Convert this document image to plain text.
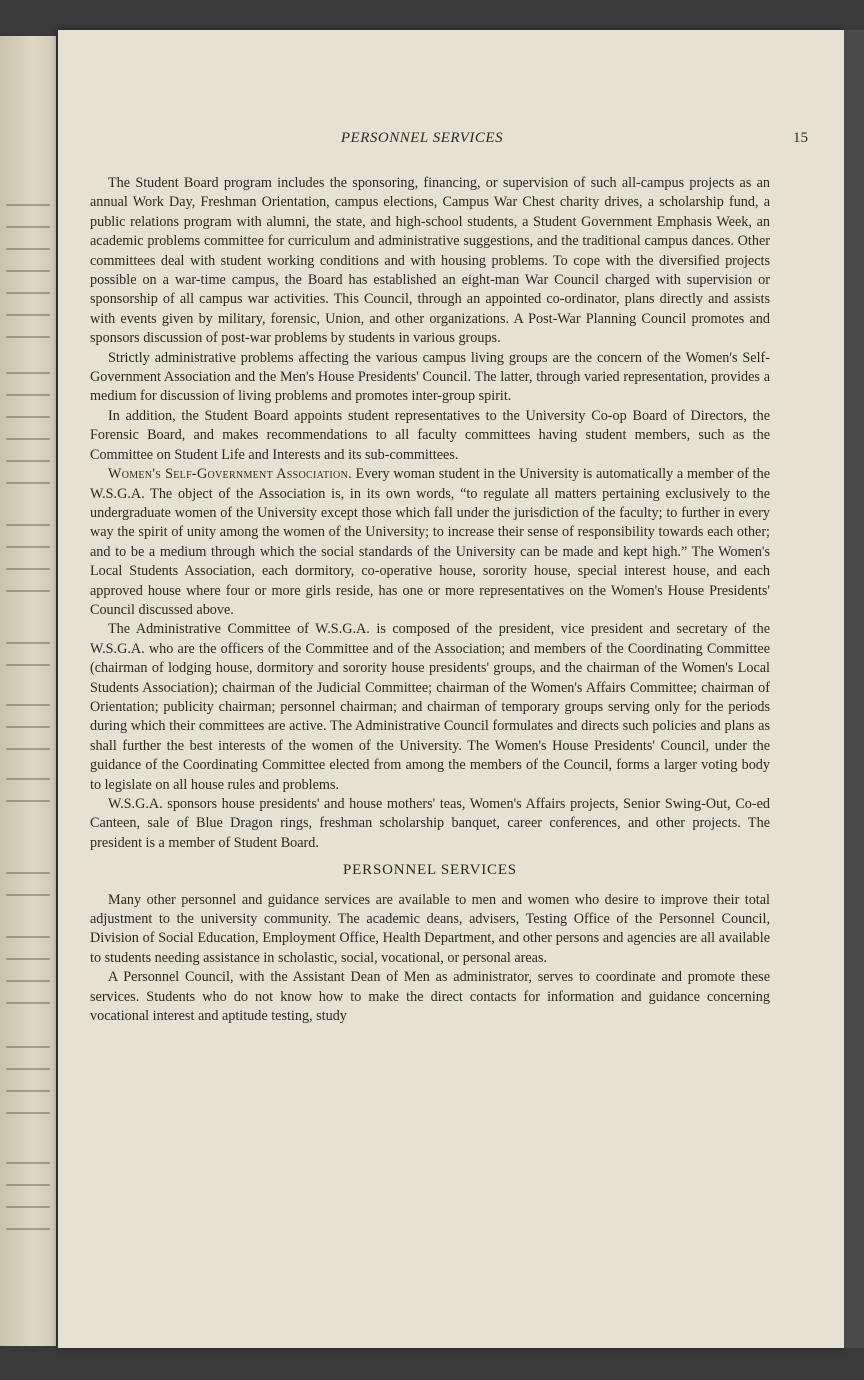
PERSONNEL SERVICES	15

The Student Board program includes the sponsoring, financing, or supervision of such all-campus projects as an annual Work Day, Freshman Orientation, campus elections, Campus War Chest charity drives, a scholarship fund, a public relations program with alumni, the state, and high-school students, a Student Government Emphasis Week, an academic problems committee for curriculum and administrative suggestions, and the traditional campus dances. Other committees deal with student working conditions and with housing problems. To cope with the diversified projects possible on a war-time campus, the Board has established an eight-man War Council charged with supervision or sponsorship of all campus war activities. This Council, through an appointed co-ordinator, plans directly and assists with events given by military, forensic, Union, and other organizations. A Post-War Planning Council promotes and sponsors discussion of post-war problems by students in various groups.

Strictly administrative problems affecting the various campus living groups are the concern of the Women's Self-Government Association and the Men's House Presidents' Council. The latter, through varied representation, provides a medium for discussion of living problems and promotes inter-group spirit.

In addition, the Student Board appoints student representatives to the University Co-op Board of Directors, the Forensic Board, and makes recommendations to all faculty committees having student members, such as the Committee on Student Life and Interests and its sub-committees.

Women's Self-Government Association. Every woman student in the University is automatically a member of the W.S.G.A. The object of the Association is, in its own words, “to regulate all matters pertaining exclusively to the undergraduate women of the University except those which fall under the jurisdiction of the faculty; to further in every way the spirit of unity among the women of the University; to increase their sense of responsibility towards each other; and to be a medium through which the social standards of the University can be made and kept high.” The Women's Local Students Association, each dormitory, co-operative house, sorority house, special interest house, and each approved house where four or more girls reside, has one or more representatives on the Women's House Presidents' Council discussed above.

The Administrative Committee of W.S.G.A. is composed of the president, vice president and secretary of the W.S.G.A. who are the officers of the Committee and of the Association; and members of the Coordinating Committee (chairman of lodging house, dormitory and sorority house presidents' groups, and the chairman of the Women's Local Students Association); chairman of the Judicial Committee; chairman of the Women's Affairs Committee; chairman of Orientation; publicity chairman; personnel chairman; and chairman of temporary groups serving only for the periods during which their committees are active. The Administrative Council formulates and directs such policies and plans as shall further the best interests of the women of the University. The Women's House Presidents' Council, under the guidance of the Coordinating Committee elected from among the members of the Council, forms a larger voting body to legislate on all house rules and problems.

W.S.G.A. sponsors house presidents' and house mothers' teas, Women's Affairs projects, Senior Swing-Out, Co-ed Canteen, sale of Blue Dragon rings, freshman scholarship banquet, career conferences, and other projects. The president is a member of Student Board.

PERSONNEL SERVICES

Many other personnel and guidance services are available to men and women who desire to improve their total adjustment to the university community. The academic deans, advisers, Testing Office of the Personnel Council, Division of Social Education, Employment Office, Health Department, and other persons and agencies are all available to students needing assistance in scholastic, social, vocational, or personal areas.

A Personnel Council, with the Assistant Dean of Men as administrator, serves to coordinate and promote these services. Students who do not know how to make the direct contacts for information and guidance concerning vocational interest and aptitude testing, study
